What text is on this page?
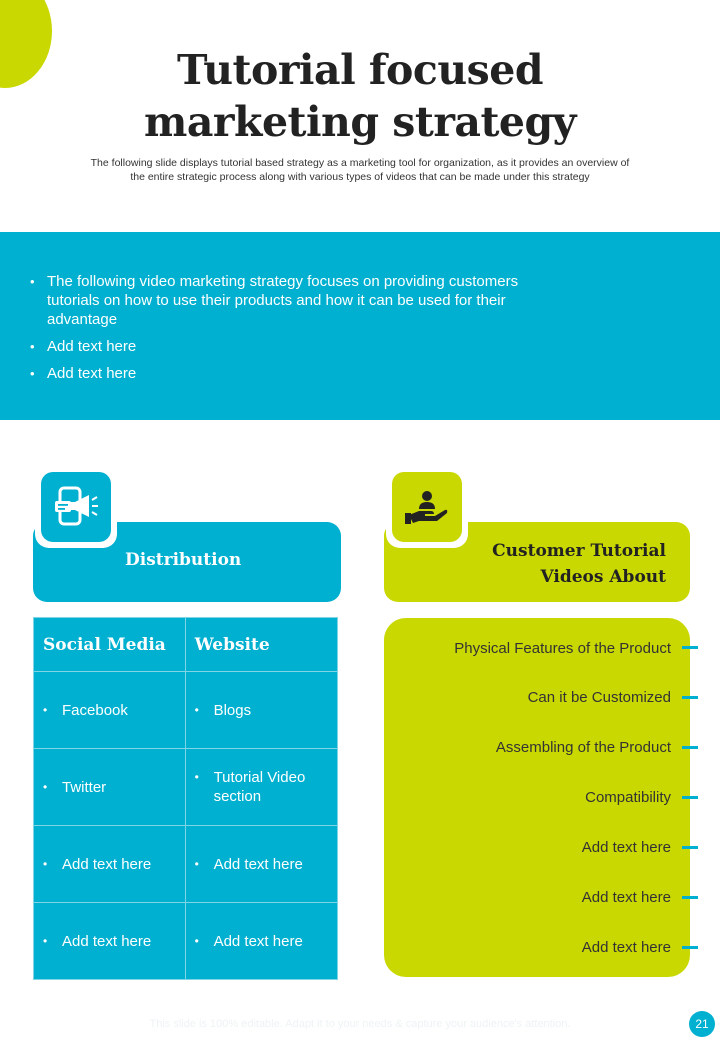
Tutorial focused
marketing strategy
The following slide displays tutorial based strategy as a marketing tool for organization, as it provides an overview of
the entire strategic process along with various types of videos that can be made under this strategy
• The following video marketing strategy focuses on providing customers tutorials on how to use their products and how it can be used for their advantage
• Add text here
• Add text here
Distribution	Customer Tutorial
Videos About
Social Media	Website

• Facebook	• Blogs

• Twitter	• Tutorial Video section

• Add text here	• Add text here

• Add text here	• Add text here
Physical Features of the Product
Can it be Customized
Assembling of the Product
Compatibility
Add text here
Add text here
Add text here
This slide is 100% editable. Adapt it to your needs & capture your audience's attention.	21
